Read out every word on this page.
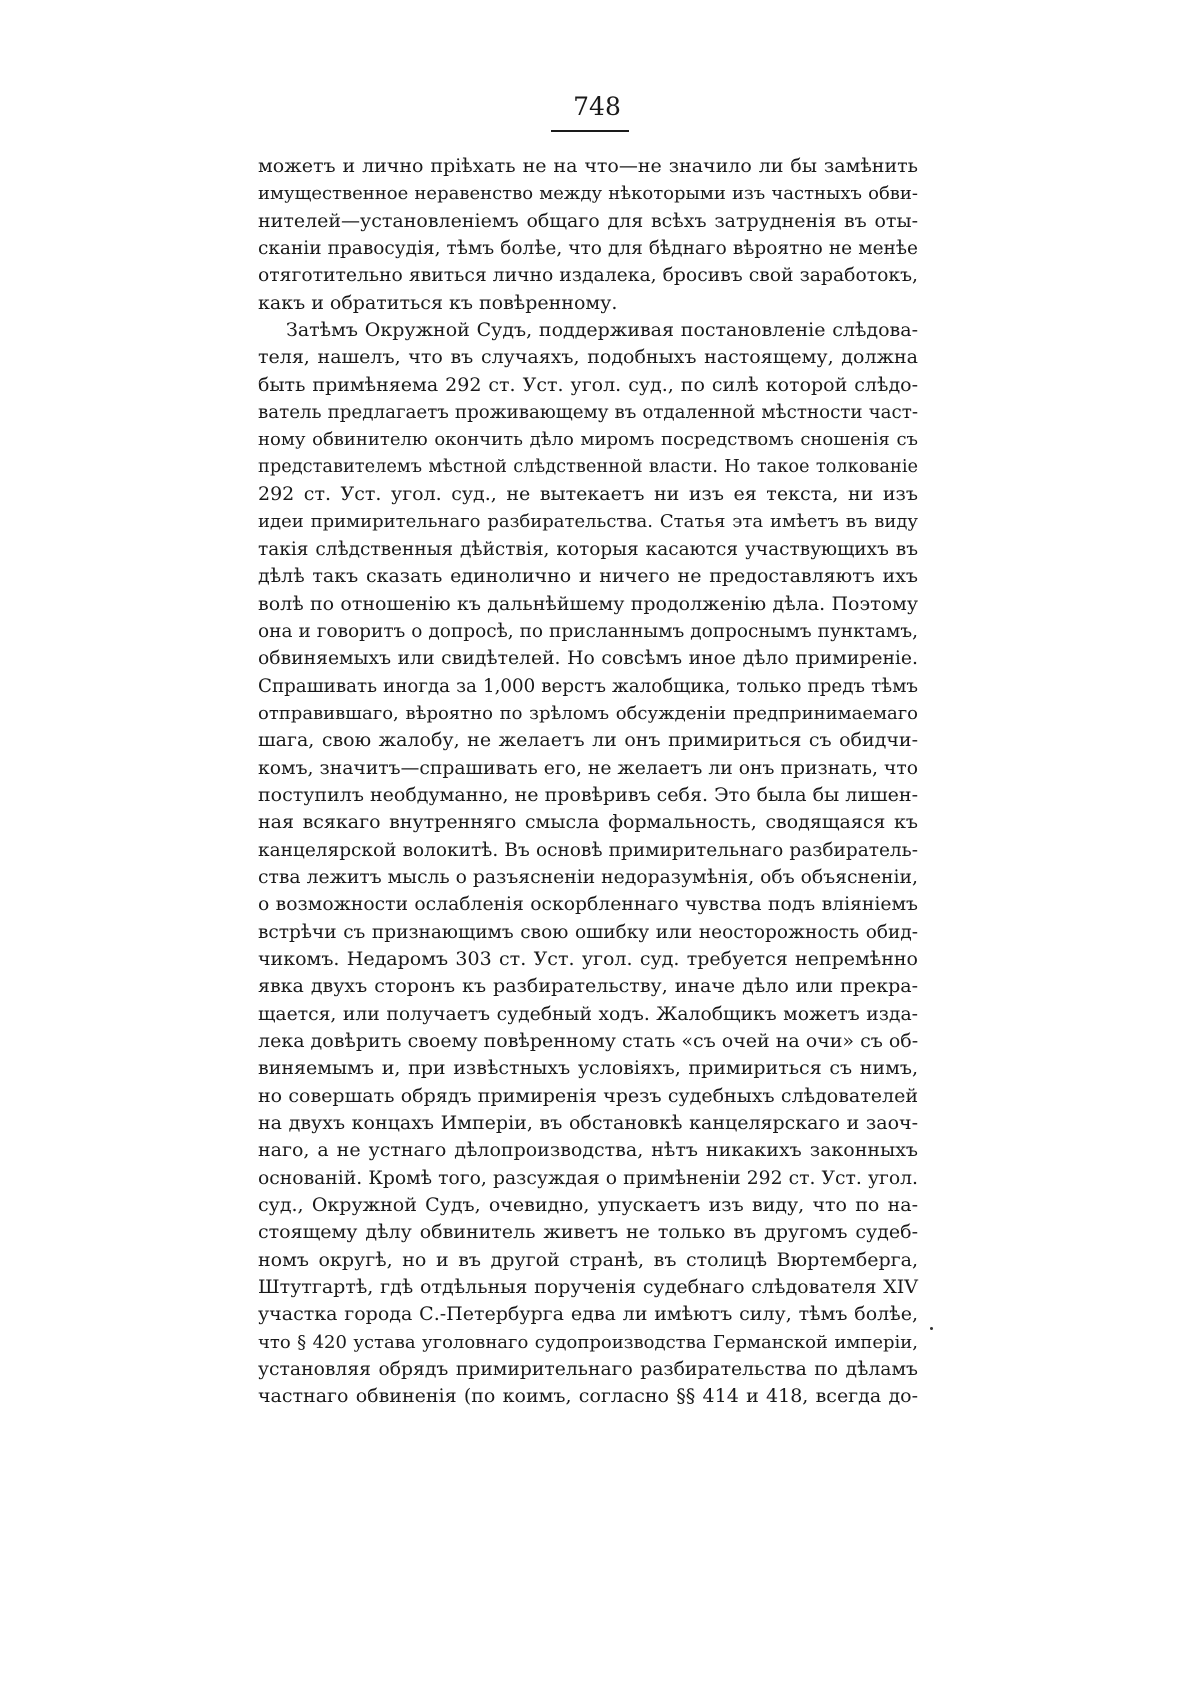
748
можетъ и лично пріѣхать не на что—не значило ли бы замѣнить
имущественное неравенство между нѣкоторыми изъ частныхъ обви-
нителей—установленіемъ общаго для всѣхъ затрудненія въ оты-
сканіи правосудія, тѣмъ болѣе, что для бѣднаго вѣроятно не менѣе
отяготительно явиться лично издалека, бросивъ свой заработокъ,
какъ и обратиться къ повѣренному.
Затѣмъ Окружной Судъ, поддерживая постановленіе слѣдова-
теля, нашелъ, что въ случаяхъ, подобныхъ настоящему, должна
быть примѣняема 292 ст. Уст. угол. суд., по силѣ которой слѣдо-
ватель предлагаетъ проживающему въ отдаленной мѣстности част-
ному обвинителю окончить дѣло миромъ посредствомъ сношенія съ
представителемъ мѣстной слѣдственной власти. Но такое толкованіе
292 ст. Уст. угол. суд., не вытекаетъ ни изъ ея текста, ни изъ
идеи примирительнаго разбирательства. Статья эта имѣетъ въ виду
такія слѣдственныя дѣйствія, которыя касаются участвующихъ въ
дѣлѣ такъ сказать единолично и ничего не предоставляютъ ихъ
волѣ по отношенію къ дальнѣйшему продолженію дѣла. Поэтому
она и говоритъ о допросѣ, по присланнымъ допроснымъ пунктамъ,
обвиняемыхъ или свидѣтелей. Но совсѣмъ иное дѣло примиреніе.
Спрашивать иногда за 1,000 верстъ жалобщика, только предъ тѣмъ
отправившаго, вѣроятно по зрѣломъ обсужденіи предпринимаемаго
шага, свою жалобу, не желаетъ ли онъ примириться съ обидчи-
комъ, значитъ—спрашивать его, не желаетъ ли онъ признать, что
поступилъ необдуманно, не провѣривъ себя. Это была бы лишен-
ная всякаго внутренняго смысла формальность, сводящаяся къ
канцелярской волокитѣ. Въ основѣ примирительнаго разбиратель-
ства лежитъ мысль о разъясненіи недоразумѣнія, объ объясненіи,
о возможности ослабленія оскорбленнаго чувства подъ вліяніемъ
встрѣчи съ признающимъ свою ошибку или неосторожность обид-
чикомъ. Недаромъ 303 ст. Уст. угол. суд. требуется непремѣнно
явка двухъ сторонъ къ разбирательству, иначе дѣло или прекра-
щается, или получаетъ судебный ходъ. Жалобщикъ можетъ изда-
лека довѣрить своему повѣренному стать «съ очей на очи» съ об-
виняемымъ и, при извѣстныхъ условіяхъ, примириться съ нимъ,
но совершать обрядъ примиренія чрезъ судебныхъ слѣдователей
на двухъ концахъ Имперіи, въ обстановкѣ канцелярскаго и заоч-
наго, а не устнаго дѣлопроизводства, нѣтъ никакихъ законныхъ
основаній. Кромѣ того, разсуждая о примѣненіи 292 ст. Уст. угол.
суд., Окружной Судъ, очевидно, упускаетъ изъ виду, что по на-
стоящему дѣлу обвинитель живетъ не только въ другомъ судеб-
номъ округѣ, но и въ другой странѣ, въ столицѣ Вюртемберга,
Штутгартѣ, гдѣ отдѣльныя порученія судебнаго слѣдователя XIV
участка города С.-Петербурга едва ли имѣютъ силу, тѣмъ болѣе,
что § 420 устава уголовнаго судопроизводства Германской имперіи,
установляя обрядъ примирительнаго разбирательства по дѣламъ
частнаго обвиненія (по коимъ, согласно §§ 414 и 418, всегда до-
